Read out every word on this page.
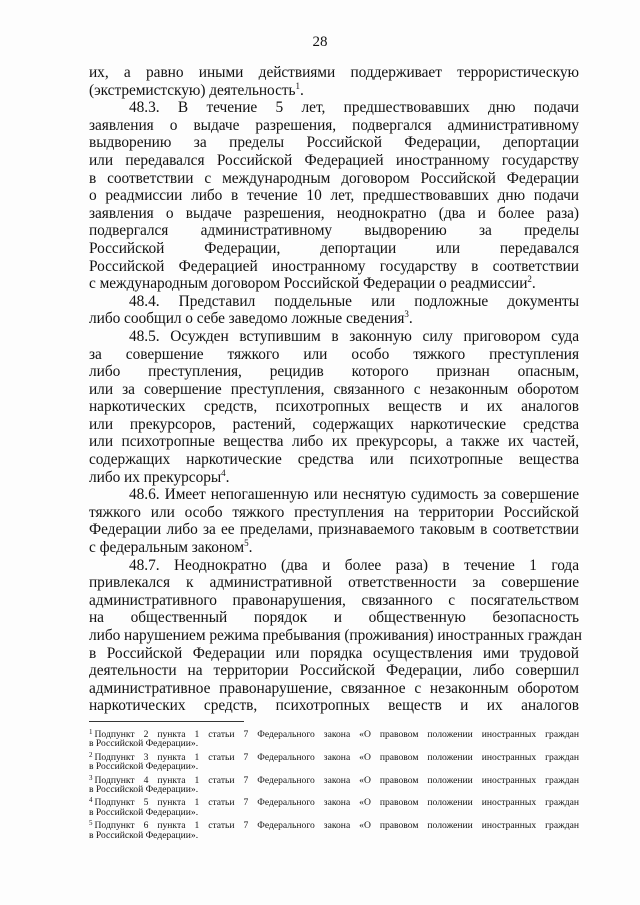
28
их, а равно иными действиями поддерживает террористическую
(экстремистскую) деятельность$^1$.
48.3. В течение 5 лет, предшествовавших дню подачи
заявления о выдаче разрешения, подвергался административному
выдворению за пределы Российской Федерации, депортации
или передавался Российской Федерацией иностранному государству
в соответствии с международным договором Российской Федерации
о реадмиссии либо в течение 10 лет, предшествовавших дню подачи
заявления о выдаче разрешения, неоднократно (два и более раза)
подвергался административному выдворению за пределы
Российской Федерации, депортации или передавался
Российской Федерацией иностранному государству в соответствии
с международным договором Российской Федерации о реадмиссии$^2$.
48.4. Представил поддельные или подложные документы
либо сообщил о себе заведомо ложные сведения$^3$.
48.5. Осужден вступившим в законную силу приговором суда
за совершение тяжкого или особо тяжкого преступления
либо преступления, рецидив которого признан опасным,
или за совершение преступления, связанного с незаконным оборотом
наркотических средств, психотропных веществ и их аналогов
или прекурсоров, растений, содержащих наркотические средства
или психотропные вещества либо их прекурсоры, а также их частей,
содержащих наркотические средства или психотропные вещества
либо их прекурсоры$^4$.
48.6. Имеет непогашенную или неснятую судимость за совершение
тяжкого или особо тяжкого преступления на территории Российской
Федерации либо за ее пределами, признаваемого таковым в соответствии
с федеральным законом$^5$.
48.7. Неоднократно (два и более раза) в течение 1 года
привлекался к административной ответственности за совершение
административного правонарушения, связанного с посягательством
на общественный порядок и общественную безопасность
либо нарушением режима пребывания (проживания) иностранных граждан
в Российской Федерации или порядка осуществления ими трудовой
деятельности на территории Российской Федерации, либо совершил
административное правонарушение, связанное с незаконным оборотом
наркотических средств, психотропных веществ и их аналогов
$^1$ Подпункт 2 пункта 1 статьи 7 Федерального закона «О правовом положении иностранных граждан
в Российской Федерации».
$^2$ Подпункт 3 пункта 1 статьи 7 Федерального закона «О правовом положении иностранных граждан
в Российской Федерации».
$^3$ Подпункт 4 пункта 1 статьи 7 Федерального закона «О правовом положении иностранных граждан
в Российской Федерации».
$^4$ Подпункт 5 пункта 1 статьи 7 Федерального закона «О правовом положении иностранных граждан
в Российской Федерации».
$^5$ Подпункт 6 пункта 1 статьи 7 Федерального закона «О правовом положении иностранных граждан
в Российской Федерации».
